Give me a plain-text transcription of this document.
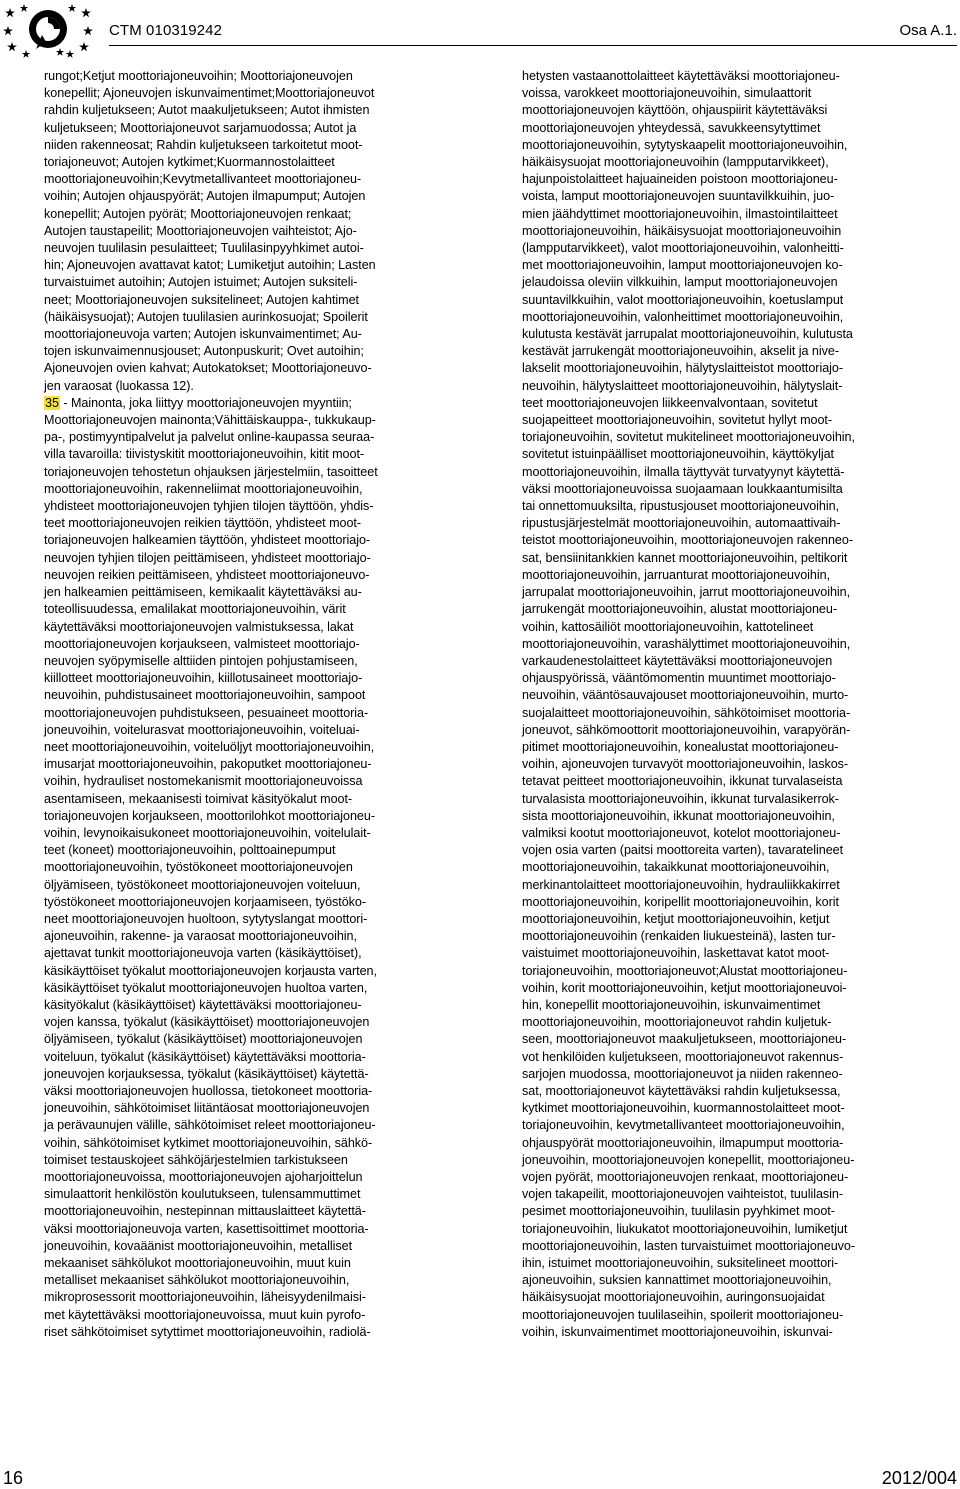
CTM 010319242	Osa A.1.

rungot;Ketjut moottoriajoneuvoihin; Moottoriajoneuvojen
konepellit; Ajoneuvojen iskunvaimentimet;Moottoriajoneuvot
rahdin kuljetukseen; Autot maakuljetukseen; Autot ihmisten
kuljetukseen; Moottoriajoneuvot sarjamuodossa; Autot ja
niiden rakenneosat; Rahdin kuljetukseen tarkoitetut moot-
toriajoneuvot; Autojen kytkimet;Kuormannostolaitteet
moottoriajoneuvoihin;Kevytmetallivanteet moottoriajoneu-
voihin; Autojen ohjauspyörät; Autojen ilmapumput; Autojen
konepellit; Autojen pyörät; Moottoriajoneuvojen renkaat;
Autojen taustapeilit; Moottoriajoneuvojen vaihteistot; Ajo-
neuvojen tuulilasin pesulaitteet; Tuulilasinpyyhkimet autoi-
hin; Ajoneuvojen avattavat katot; Lumiketjut autoihin; Lasten
turvaistuimet autoihin; Autojen istuimet; Autojen suksiteli-
neet; Moottoriajoneuvojen suksitelineet; Autojen kahtimet
(häikäisysuojat); Autojen tuulilasien aurinkosuojat; Spoilerit
moottoriajoneuvoja varten; Autojen iskunvaimentimet; Au-
tojen iskunvaimennusjouset; Autonpuskurit; Ovet autoihin;
Ajoneuvojen ovien kahvat; Autokatokset; Moottoriajoneuvo-
jen varaosat (luokassa 12).

35 - Mainonta, joka liittyy moottoriajoneuvojen myyntiin;
Moottoriajoneuvojen mainonta;Vähittäiskauppa-, tukkukaup-
pa-, postimyyntipalvelut ja palvelut online-kaupassa seuraa-
villa tavaroilla: tiivistyskitit moottoriajoneuvoihin, kitit moot-
toriajoneuvojen tehostetun ohjauksen järjestelmiin, tasoitteet
moottoriajoneuvoihin, rakenneliimat moottoriajoneuvoihin,
yhdisteet moottoriajoneuvojen tyhjien tilojen täyttöön, yhdis-
teet moottoriajoneuvojen reikien täyttöön, yhdisteet moot-
toriajoneuvojen halkeamien täyttöön, yhdisteet moottoriajo-
neuvojen tyhjien tilojen peittämiseen, yhdisteet moottoriajo-
neuvojen reikien peittämiseen, yhdisteet moottoriajoneuvo-
jen halkeamien peittämiseen, kemikaalit käytettäväksi au-
toteollisuudessa, emalilakat moottoriajoneuvoihin, värit
käytettäväksi moottoriajoneuvojen valmistuksessa, lakat
moottoriajoneuvojen korjaukseen, valmisteet moottoriajo-
neuvojen syöpymiselle alttiiden pintojen pohjustamiseen,
kiillotteet moottoriajoneuvoihin, kiillotusaineet moottoriajo-
neuvoihin, puhdistusaineet moottoriajoneuvoihin, sampoot
moottoriajoneuvojen puhdistukseen, pesuaineet moottoria-
joneuvoihin, voitelurasvat moottoriajoneuvoihin, voiteluai-
neet moottoriajoneuvoihin, voiteluöljyt moottoriajoneuvoihin,
imusarjat moottoriajoneuvoihin, pakoputket moottoriajoneu-
voihin, hydrauliset nostomekanismit moottoriajoneuvoissa
asentamiseen, mekaanisesti toimivat käsityökalut moot-
toriajoneuvojen korjaukseen, moottorilohkot moottoriajoneu-
voihin, levynoikaisukoneet moottoriajoneuvoihin, voitelulait-
teet (koneet) moottoriajoneuvoihin, polttoainepumput
moottoriajoneuvoihin, työstökoneet moottoriajoneuvojen
öljyämiseen, työstökoneet moottoriajoneuvojen voiteluun,
työstökoneet moottoriajoneuvojen korjaamiseen, työstöko-
neet moottoriajoneuvojen huoltoon, sytytyslangat moottori-
ajoneuvoihin, rakenne- ja varaosat moottoriajoneuvoihin,
ajettavat tunkit moottoriajoneuvoja varten (käsikäyttöiset),
käsikäyttöiset työkalut moottoriajoneuvojen korjausta varten,
käsikäyttöiset työkalut moottoriajoneuvojen huoltoa varten,
käsityökalut (käsikäyttöiset) käytettäväksi moottoriajoneu-
vojen kanssa, työkalut (käsikäyttöiset) moottoriajoneuvojen
öljyämiseen, työkalut (käsikäyttöiset) moottoriajoneuvojen
voiteluun, työkalut (käsikäyttöiset) käytettäväksi moottoria-
joneuvojen korjauksessa, työkalut (käsikäyttöiset) käytettä-
väksi moottoriajoneuvojen huollossa, tietokoneet moottoria-
joneuvoihin, sähkötoimiset liitäntäosat moottoriajoneuvojen
ja perävaunujen välille, sähkötoimiset releet moottoriajoneu-
voihin, sähkötoimiset kytkimet moottoriajoneuvoihin, sähkö-
toimiset testauskojeet sähköjärjestelmien tarkistukseen
moottoriajoneuvoissa, moottoriajoneuvojen ajoharjoittelun
simulaattorit henkilöstön koulutukseen, tulensammuttimet
moottoriajoneuvoihin, nestepinnan mittauslaitteet käytettä-
väksi moottoriajoneuvoja varten, kasettisoittimet moottoria-
joneuvoihin, kovaäänist moottoriajoneuvoihin, metalliset
mekaaniset sähkölukot moottoriajoneuvoihin, muut kuin
metalliset mekaaniset sähkölukot moottoriajoneuvoihin,
mikroprosessorit moottoriajoneuvoihin, läheisyydenilmaisi-
met käytettäväksi moottoriajoneuvoissa, muut kuin pyrofo-
riset sähkötoimiset sytyttimet moottoriajoneuvoihin, radiolä-

hetysten vastaanottolaitteet käytettäväksi moottoriajoneu-
voissa, varokkeet moottoriajoneuvoihin, simulaattorit
moottoriajoneuvojen käyttöön, ohjauspiirit käytettäväksi
moottoriajoneuvojen yhteydessä, savukkeensytyttimet
moottoriajoneuvoihin, sytytyskaapelit moottoriajoneuvoihin,
häikäisysuojat moottoriajoneuvoihin (lampputarvikkeet),
hajunpoistolaitteet hajuaineiden poistoon moottoriajoneu-
voista, lamput moottoriajoneuvojen suuntavilkkuihin, juo-
mien jäähdyttimet moottoriajoneuvoihin, ilmastointilaitteet
moottoriajoneuvoihin, häikäisysuojat moottoriajoneuvoihin
(lampputarvikkeet), valot moottoriajoneuvoihin, valonheitti-
met moottoriajoneuvoihin, lamput moottoriajoneuvojen ko-
jelaudoissa oleviin vilkkuihin, lamput moottoriajoneuvojen
suuntavilkkuihin, valot moottoriajoneuvoihin, koetuslamput
moottoriajoneuvoihin, valonheittimet moottoriajoneuvoihin,
kulutusta kestävät jarrupalat moottoriajoneuvoihin, kulutusta
kestävät jarrukengät moottoriajoneuvoihin, akselit ja nive-
lakselit moottoriajoneuvoihin, hälytyslaitteistot moottoriajo-
neuvoihin, hälytyslaitteet moottoriajoneuvoihin, hälytyslait-
teet moottoriajoneuvojen liikkeenvalvontaan, sovitetut
suojapeitteet moottoriajoneuvoihin, sovitetut hyllyt moot-
toriajoneuvoihin, sovitetut mukitelineet moottoriajoneuvoihin,
sovitetut istuinpäälliset moottoriajoneuvoihin, käyttökyljat
moottoriajoneuvoihin, ilmalla täyttyvät turvatyynyt käytettä-
väksi moottoriajoneuvoissa suojaamaan loukkaantumisilta
tai onnettomuuksilta, ripustusjouset moottoriajoneuvoihin,
ripustusjärjestelmät moottoriajoneuvoihin, automaattivaih-
teistot moottoriajoneuvoihin, moottoriajoneuvojen rakenneo-
sat, bensiinitankkien kannet moottoriajoneuvoihin, peltikorit
moottoriajoneuvoihin, jarruanturat moottoriajoneuvoihin,
jarrupalat moottoriajoneuvoihin, jarrut moottoriajoneuvoihin,
jarrukengät moottoriajoneuvoihin, alustat moottoriajoneu-
voihin, kattosäiliöt moottoriajoneuvoihin, kattotelineet
moottoriajoneuvoihin, varashälyttimet moottoriajoneuvoihin,
varkaudenestolaitteet käytettäväksi moottoriajoneuvojen
ohjauspyörissä, vääntömomentin muuntimet moottoriajo-
neuvoihin, vääntösauvajouset moottoriajoneuvoihin, murto-
suojalaitteet moottoriajoneuvoihin, sähkötoimiset moottoria-
joneuvot, sähkömoottorit moottoriajoneuvoihin, varapyörän-
pitimet moottoriajoneuvoihin, konealustat moottoriajoneu-
voihin, ajoneuvojen turvavyöt moottoriajoneuvoihin, laskos-
tetavat peitteet moottoriajoneuvoihin, ikkunat turvalaseista
turvalasista moottoriajoneuvoihin, ikkunat turvalasikerrok-
sista moottoriajoneuvoihin, ikkunat moottoriajoneuvoihin,
valmiksi kootut moottoriajoneuvot, kotelot moottoriajoneu-
vojen osia varten (paitsi moottoreita varten), tavaratelineet
moottoriajoneuvoihin, takaikkunat moottoriajoneuvoihin,
merkinantolaitteet moottoriajoneuvoihin, hydrauliikkakirret
moottoriajoneuvoihin, koripellit moottoriajoneuvoihin, korit
moottoriajoneuvoihin, ketjut moottoriajoneuvoihin, ketjut
moottoriajoneuvoihin (renkaiden liukuesteinä), lasten tur-
vaistuimet moottoriajoneuvoihin, laskettavat katot moot-
toriajoneuvoihin, moottoriajoneuvot;Alustat moottoriajoneu-
voihin, korit moottoriajoneuvoihin, ketjut moottoriajoneuvoi-
hin, konepellit moottoriajoneuvoihin, iskunvaimentimet
moottoriajoneuvoihin, moottoriajoneuvot rahdin kuljetuk-
seen, moottoriajoneuvot maakuljetukseen, moottoriajoneu-
vot henkilöiden kuljetukseen, moottoriajoneuvot rakennus-
sarjojen muodossa, moottoriajoneuvot ja niiden rakenneo-
sat, moottoriajoneuvot käytettäväksi rahdin kuljetuksessa,
kytkimet moottoriajoneuvoihin, kuormannostolaitteet moot-
toriajoneuvoihin, kevytmetallivanteet moottoriajoneuvoihin,
ohjauspyörät moottoriajoneuvoihin, ilmapumput moottoria-
joneuvoihin, moottoriajoneuvojen konepellit, moottoriajoneu-
vojen pyörät, moottoriajoneuvojen renkaat, moottoriajoneu-
vojen takapeilit, moottoriajoneuvojen vaihteistot, tuulilasin-
pesimet moottoriajoneuvoihin, tuulilasin pyyhkimet moot-
toriajoneuvoihin, liukukatot moottoriajoneuvoihin, lumiketjut
moottoriajoneuvoihin, lasten turvaistuimet moottoriajoneuvo-
ihin, istuimet moottoriajoneuvoihin, suksitelineet moottori-
ajoneuvoihin, suksien kannattimet moottoriajoneuvoihin,
häikäisysuojat moottoriajoneuvoihin, auringonsuojaidat
moottoriajoneuvojen tuulilaseihin, spoilerit moottoriajoneu-
voihin, iskunvaimentimet moottoriajoneuvoihin, iskunvai-

16	2012/004
